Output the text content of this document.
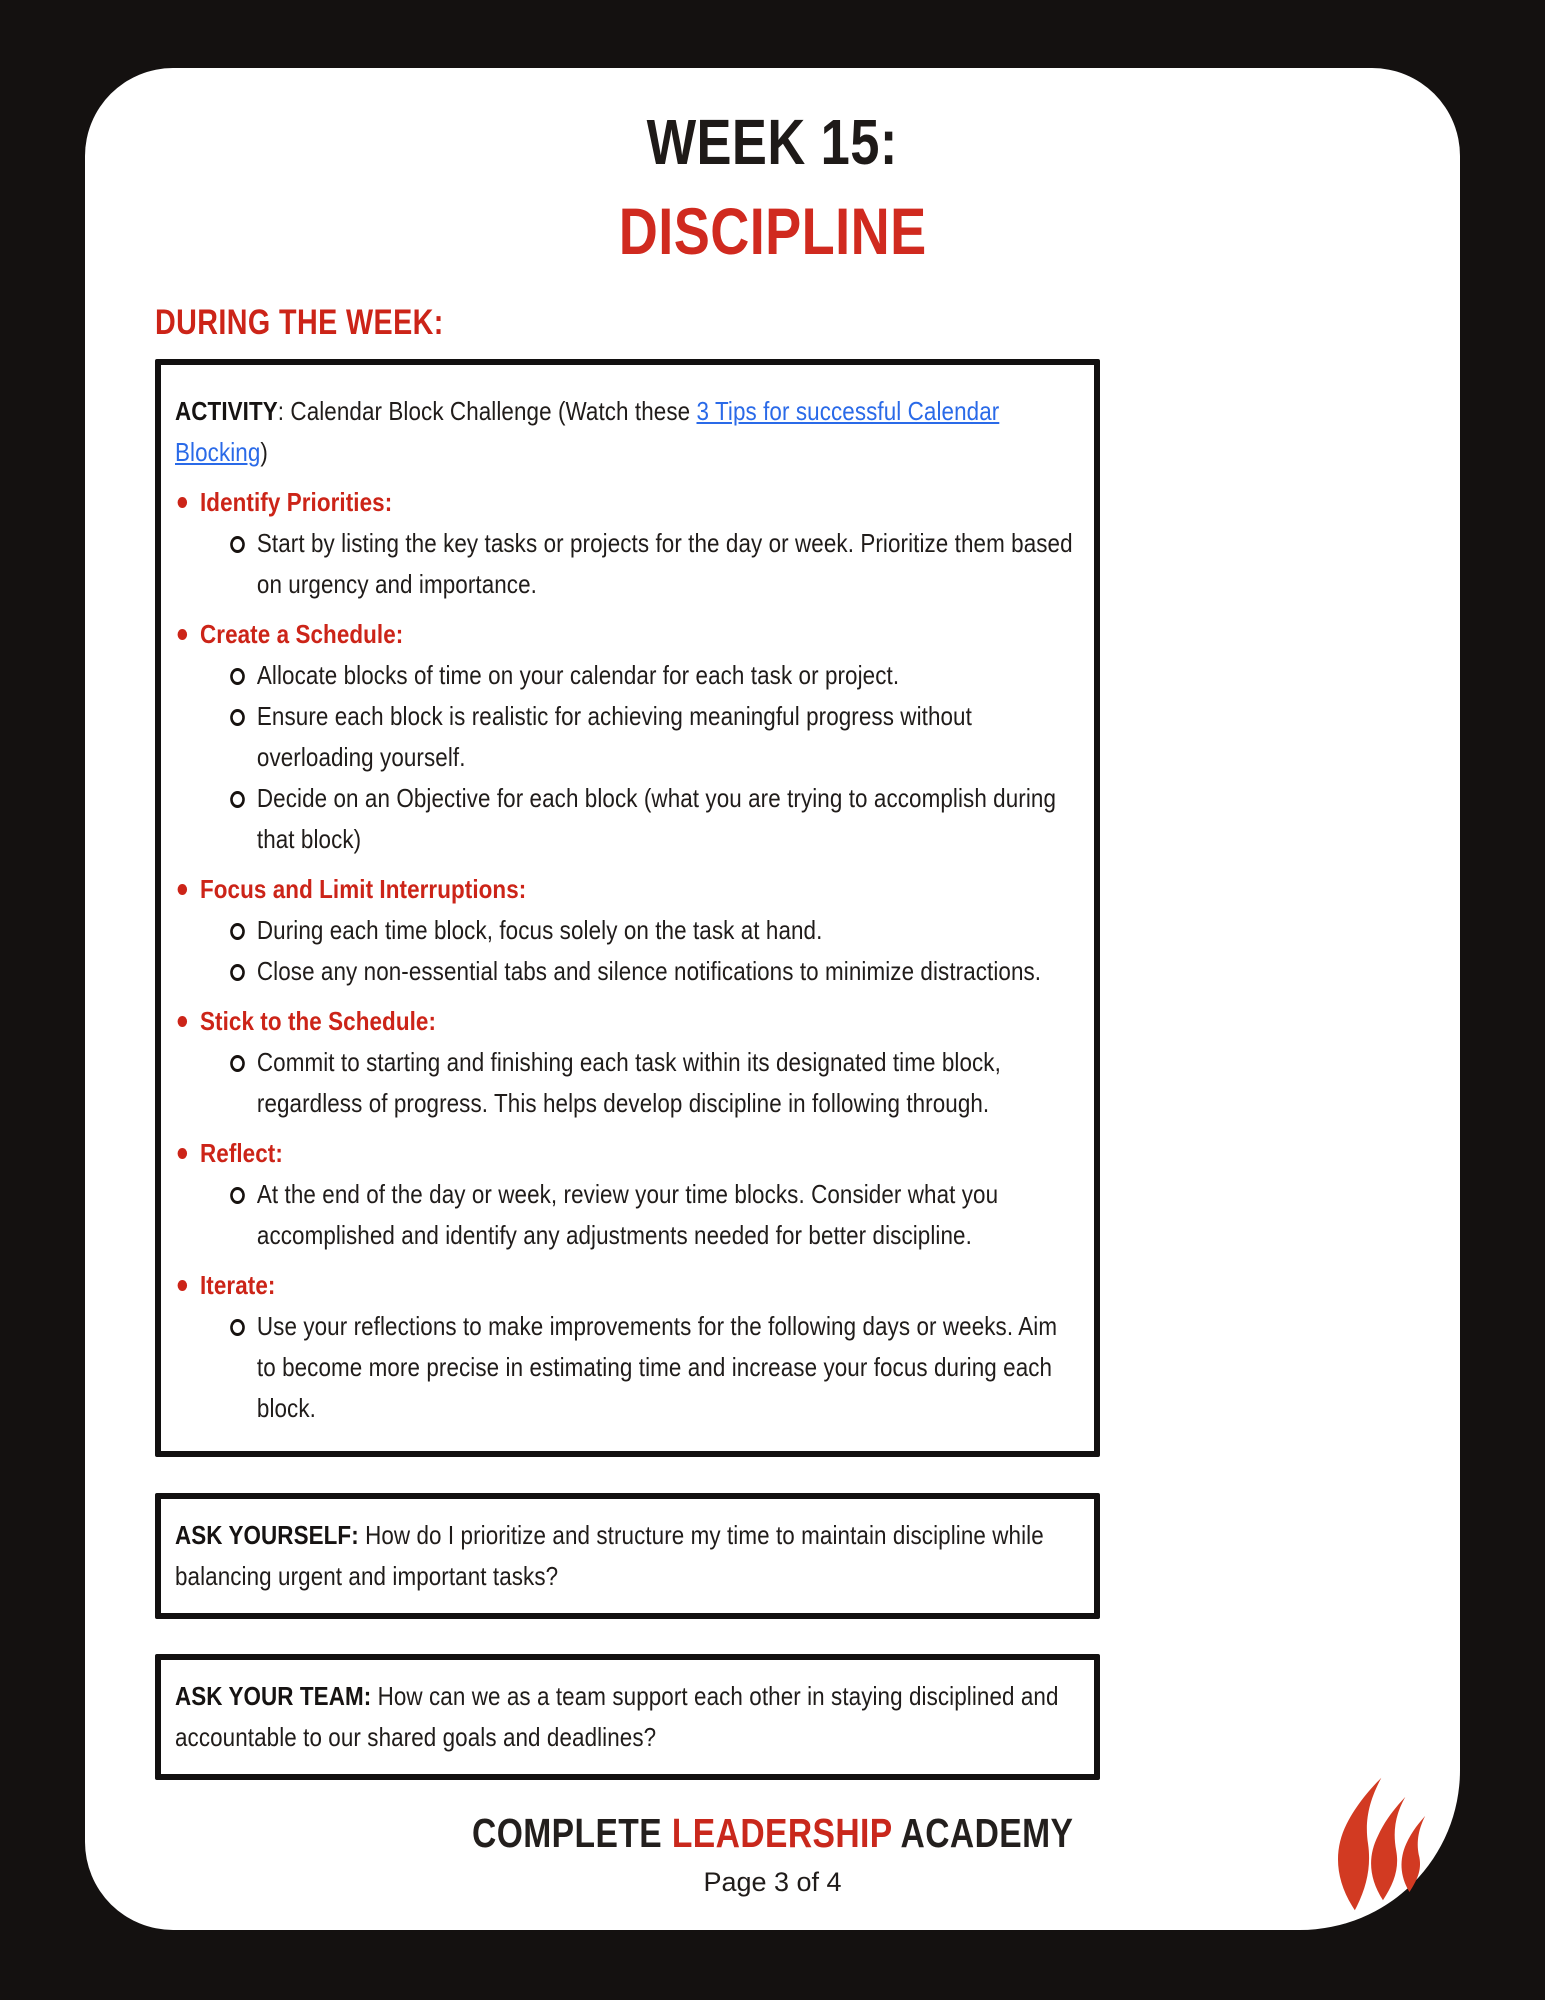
WEEK 15:
DISCIPLINE
DURING THE WEEK:

ACTIVITY: Calendar Block Challenge (Watch these 3 Tips for successful Calendar Blocking)

Identify Priorities:
Start by listing the key tasks or projects for the day or week. Prioritize them based on urgency and importance.
Create a Schedule:
Allocate blocks of time on your calendar for each task or project.
Ensure each block is realistic for achieving meaningful progress without overloading yourself.
Decide on an Objective for each block (what you are trying to accomplish during that block)
Focus and Limit Interruptions:
During each time block, focus solely on the task at hand.
Close any non-essential tabs and silence notifications to minimize distractions.
Stick to the Schedule:
Commit to starting and finishing each task within its designated time block, regardless of progress. This helps develop discipline in following through.
Reflect:
At the end of the day or week, review your time blocks. Consider what you accomplished and identify any adjustments needed for better discipline.
Iterate:
Use your reflections to make improvements for the following days or weeks. Aim to become more precise in estimating time and increase your focus during each block.

ASK YOURSELF: How do I prioritize and structure my time to maintain discipline while balancing urgent and important tasks?

ASK YOUR TEAM: How can we as a team support each other in staying disciplined and accountable to our shared goals and deadlines?

COMPLETE LEADERSHIP ACADEMY
Page 3 of 4
